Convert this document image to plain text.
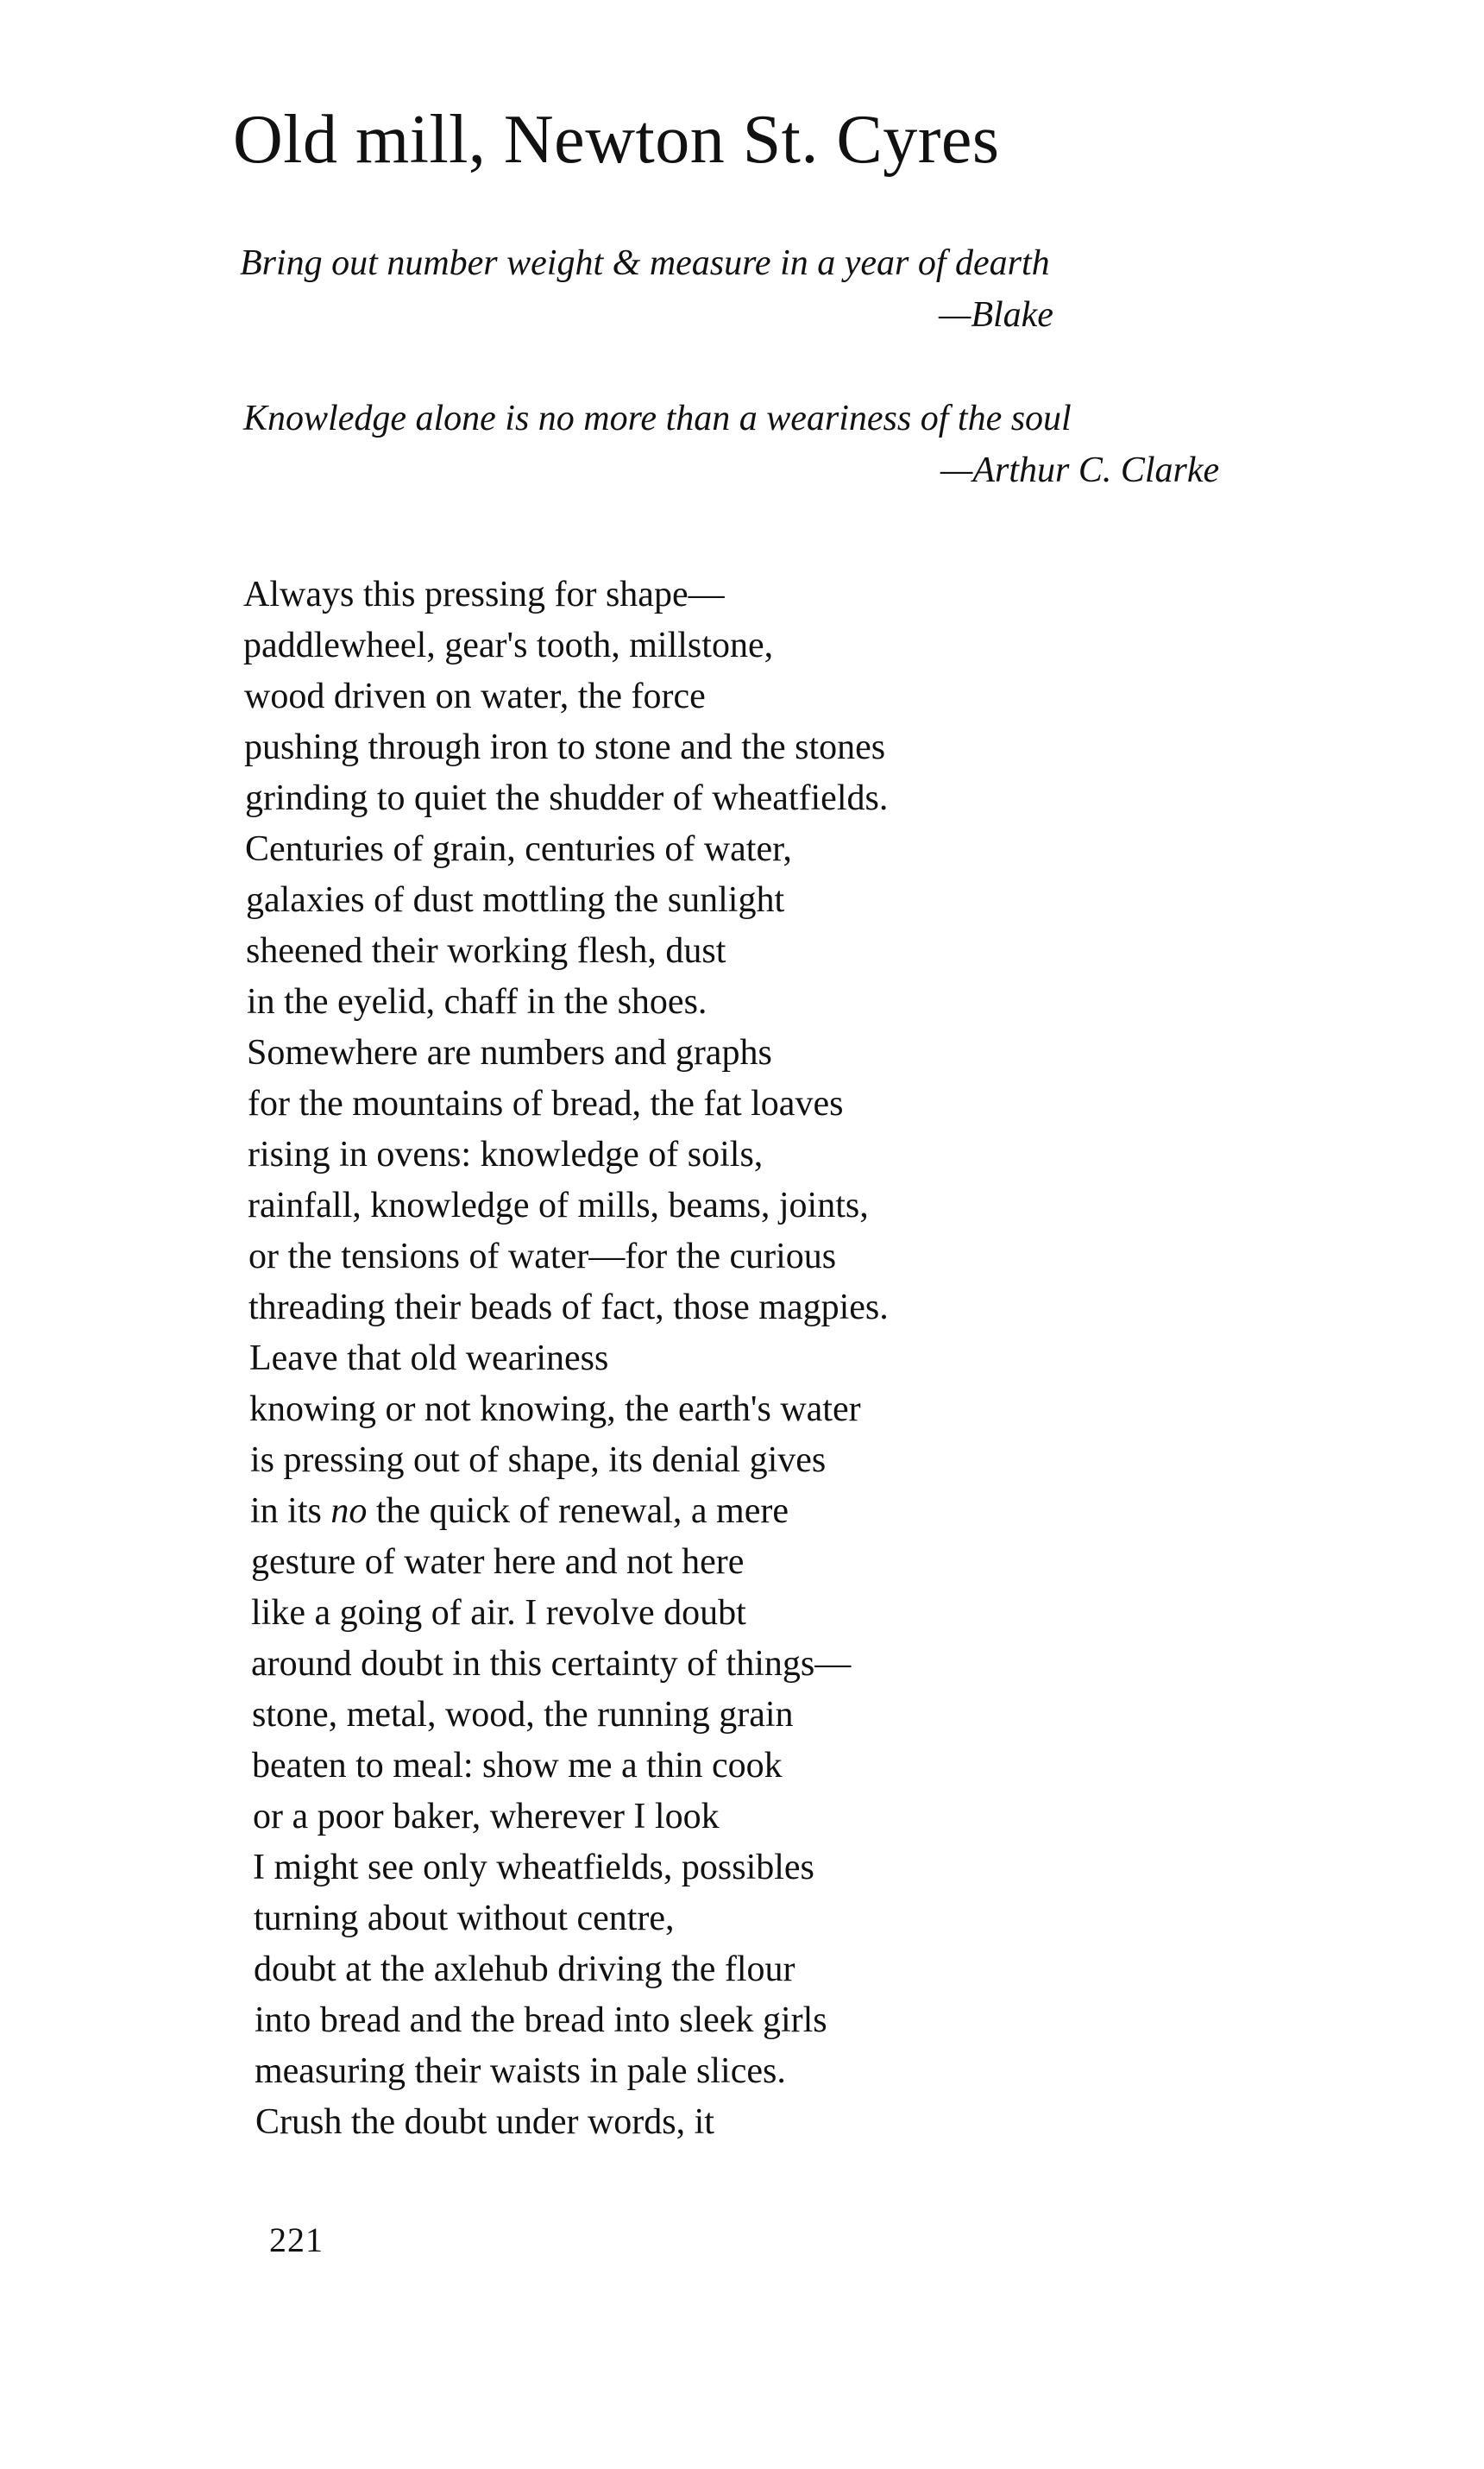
Old mill, Newton St. Cyres
Bring out number weight & measure in a year of dearth
—Blake
Knowledge alone is no more than a weariness of the soul
—Arthur C. Clarke
Always this pressing for shape—
paddlewheel, gear's tooth, millstone,
wood driven on water, the force
pushing through iron to stone and the stones
grinding to quiet the shudder of wheatfields.
Centuries of grain, centuries of water,
galaxies of dust mottling the sunlight
sheened their working flesh, dust
in the eyelid, chaff in the shoes.
Somewhere are numbers and graphs
for the mountains of bread, the fat loaves
rising in ovens: knowledge of soils,
rainfall, knowledge of mills, beams, joints,
or the tensions of water—for the curious
threading their beads of fact, those magpies.
Leave that old weariness
knowing or not knowing, the earth's water
is pressing out of shape, its denial gives
in its no the quick of renewal, a mere
gesture of water here and not here
like a going of air. I revolve doubt
around doubt in this certainty of things—
stone, metal, wood, the running grain
beaten to meal: show me a thin cook
or a poor baker, wherever I look
I might see only wheatfields, possibles
turning about without centre,
doubt at the axlehub driving the flour
into bread and the bread into sleek girls
measuring their waists in pale slices.
Crush the doubt under words, it
221
